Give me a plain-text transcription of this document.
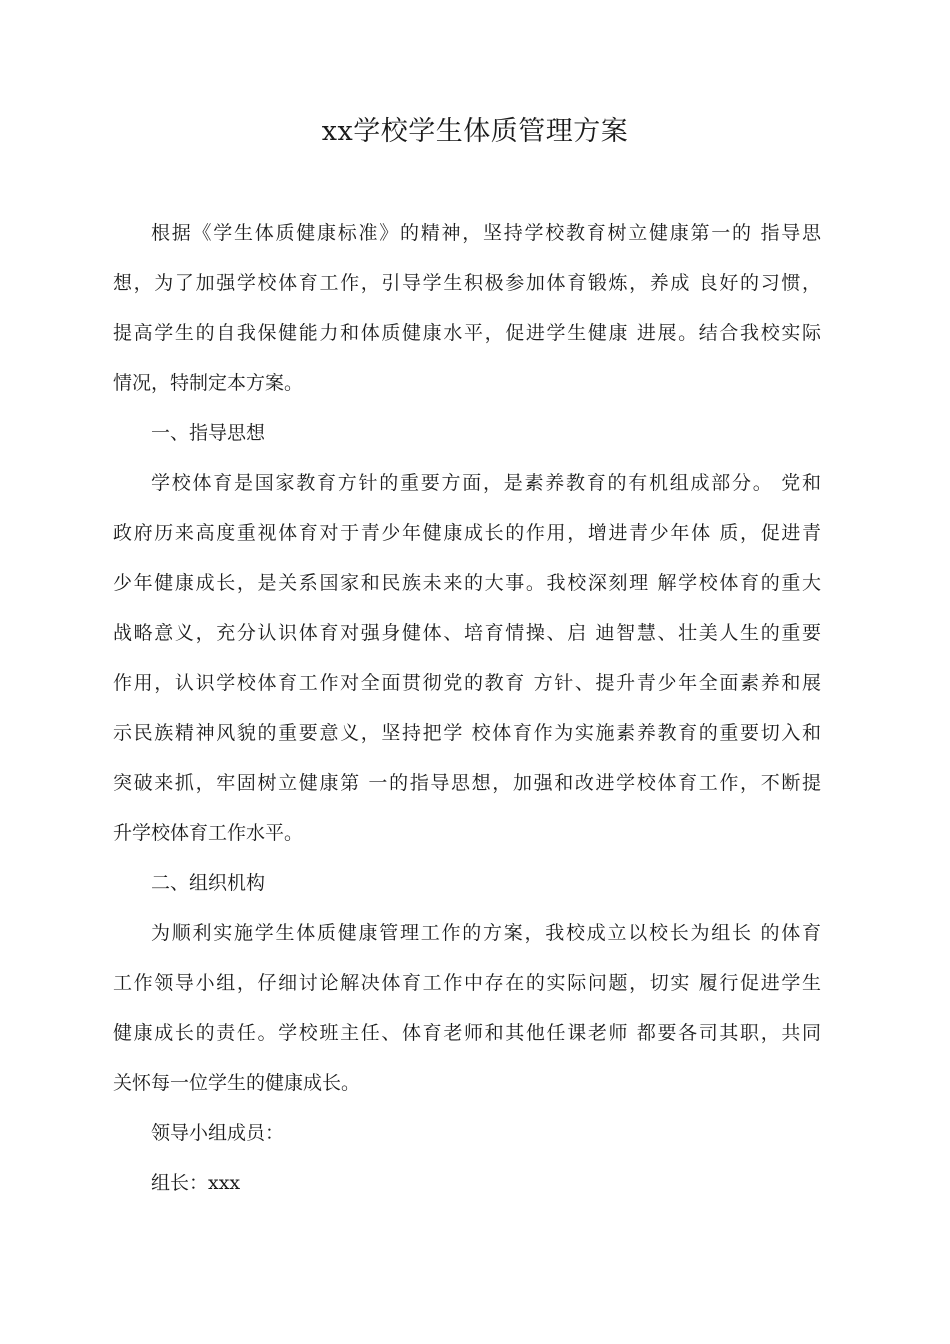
xx学校学生体质管理方案
根据《学生体质健康标准》的精神，坚持学校教育树立健康第一的 指导思
想，为了加强学校体育工作，引导学生积极参加体育锻炼，养成 良好的习惯，
提高学生的自我保健能力和体质健康水平，促进学生健康 进展。结合我校实际
情况，特制定本方案。
一、指导思想
学校体育是国家教育方针的重要方面，是素养教育的有机组成部分。 党和
政府历来高度重视体育对于青少年健康成长的作用，增进青少年体 质，促进青
少年健康成长，是关系国家和民族未来的大事。我校深刻理 解学校体育的重大
战略意义，充分认识体育对强身健体、培育情操、启 迪智慧、壮美人生的重要
作用，认识学校体育工作对全面贯彻党的教育 方针、提升青少年全面素养和展
示民族精神风貌的重要意义，坚持把学 校体育作为实施素养教育的重要切入和
突破来抓，牢固树立健康第 一的指导思想，加强和改进学校体育工作，不断提
升学校体育工作水平。
二、组织机构
为顺利实施学生体质健康管理工作的方案，我校成立以校长为组长 的体育
工作领导小组，仔细讨论解决体育工作中存在的实际问题，切实 履行促进学生
健康成长的责任。学校班主任、体育老师和其他任课老师 都要各司其职，共同
关怀每一位学生的健康成长。
领导小组成员：
组长：xxx
